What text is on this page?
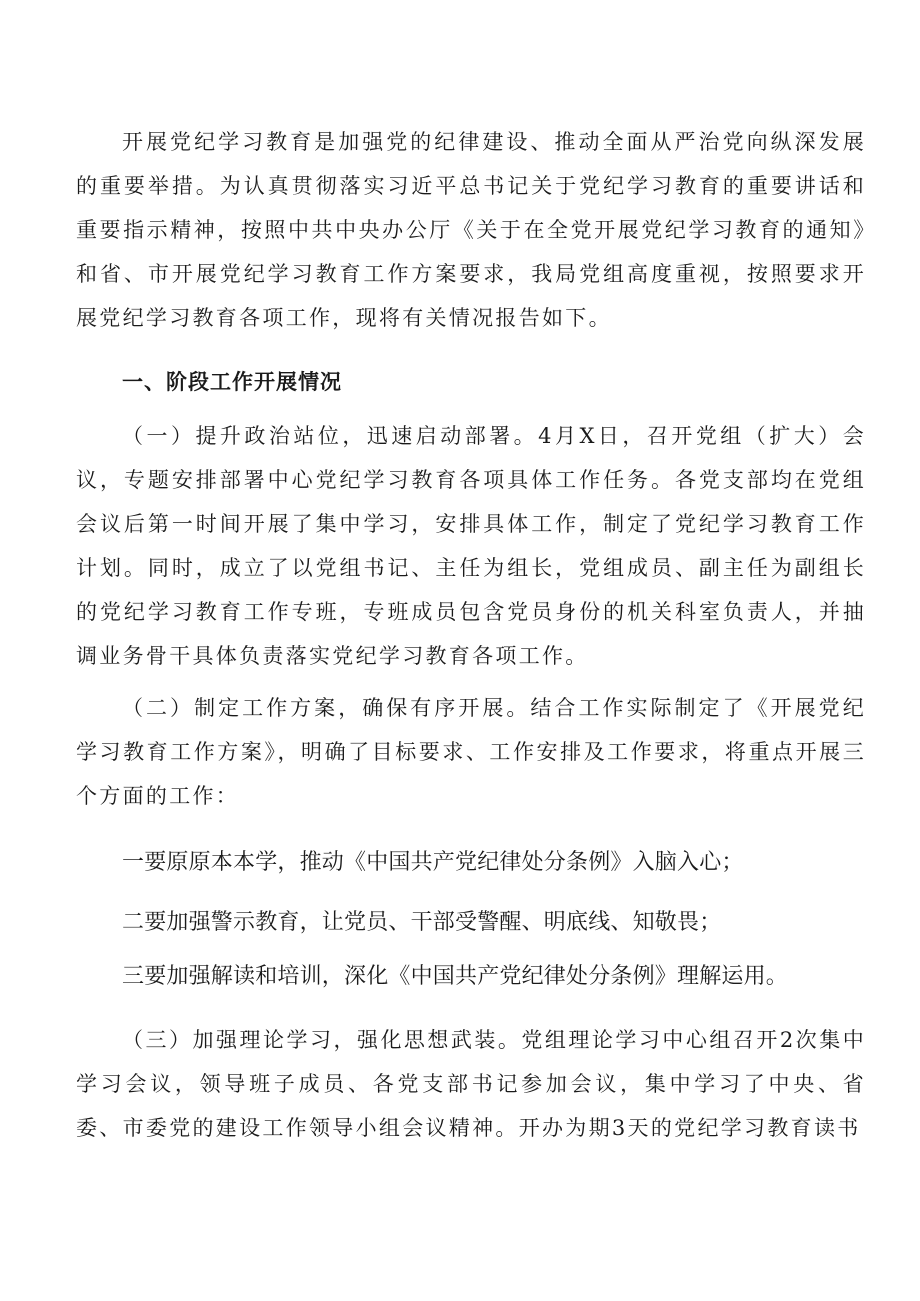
开展党纪学习教育是加强党的纪律建设、推动全面从严治党向纵深发展的重要举措。为认真贯彻落实习近平总书记关于党纪学习教育的重要讲话和重要指示精神，按照中共中央办公厅《关于在全党开展党纪学习教育的通知》和省、市开展党纪学习教育工作方案要求，我局党组高度重视，按照要求开展党纪学习教育各项工作，现将有关情况报告如下。

一、阶段工作开展情况

（一）提升政治站位，迅速启动部署。4月X日，召开党组（扩大）会议，专题安排部署中心党纪学习教育各项具体工作任务。各党支部均在党组会议后第一时间开展了集中学习，安排具体工作，制定了党纪学习教育工作计划。同时，成立了以党组书记、主任为组长，党组成员、副主任为副组长的党纪学习教育工作专班，专班成员包含党员身份的机关科室负责人，并抽调业务骨干具体负责落实党纪学习教育各项工作。

（二）制定工作方案，确保有序开展。结合工作实际制定了《开展党纪学习教育工作方案》，明确了目标要求、工作安排及工作要求，将重点开展三个方面的工作：

一要原原本本学，推动《中国共产党纪律处分条例》入脑入心；

二要加强警示教育，让党员、干部受警醒、明底线、知敬畏；

三要加强解读和培训，深化《中国共产党纪律处分条例》理解运用。

（三）加强理论学习，强化思想武装。党组理论学习中心组召开2次集中学习会议，领导班子成员、各党支部书记参加会议，集中学习了中央、省委、市委党的建设工作领导小组会议精神。开办为期3天的党纪学习教育读书
